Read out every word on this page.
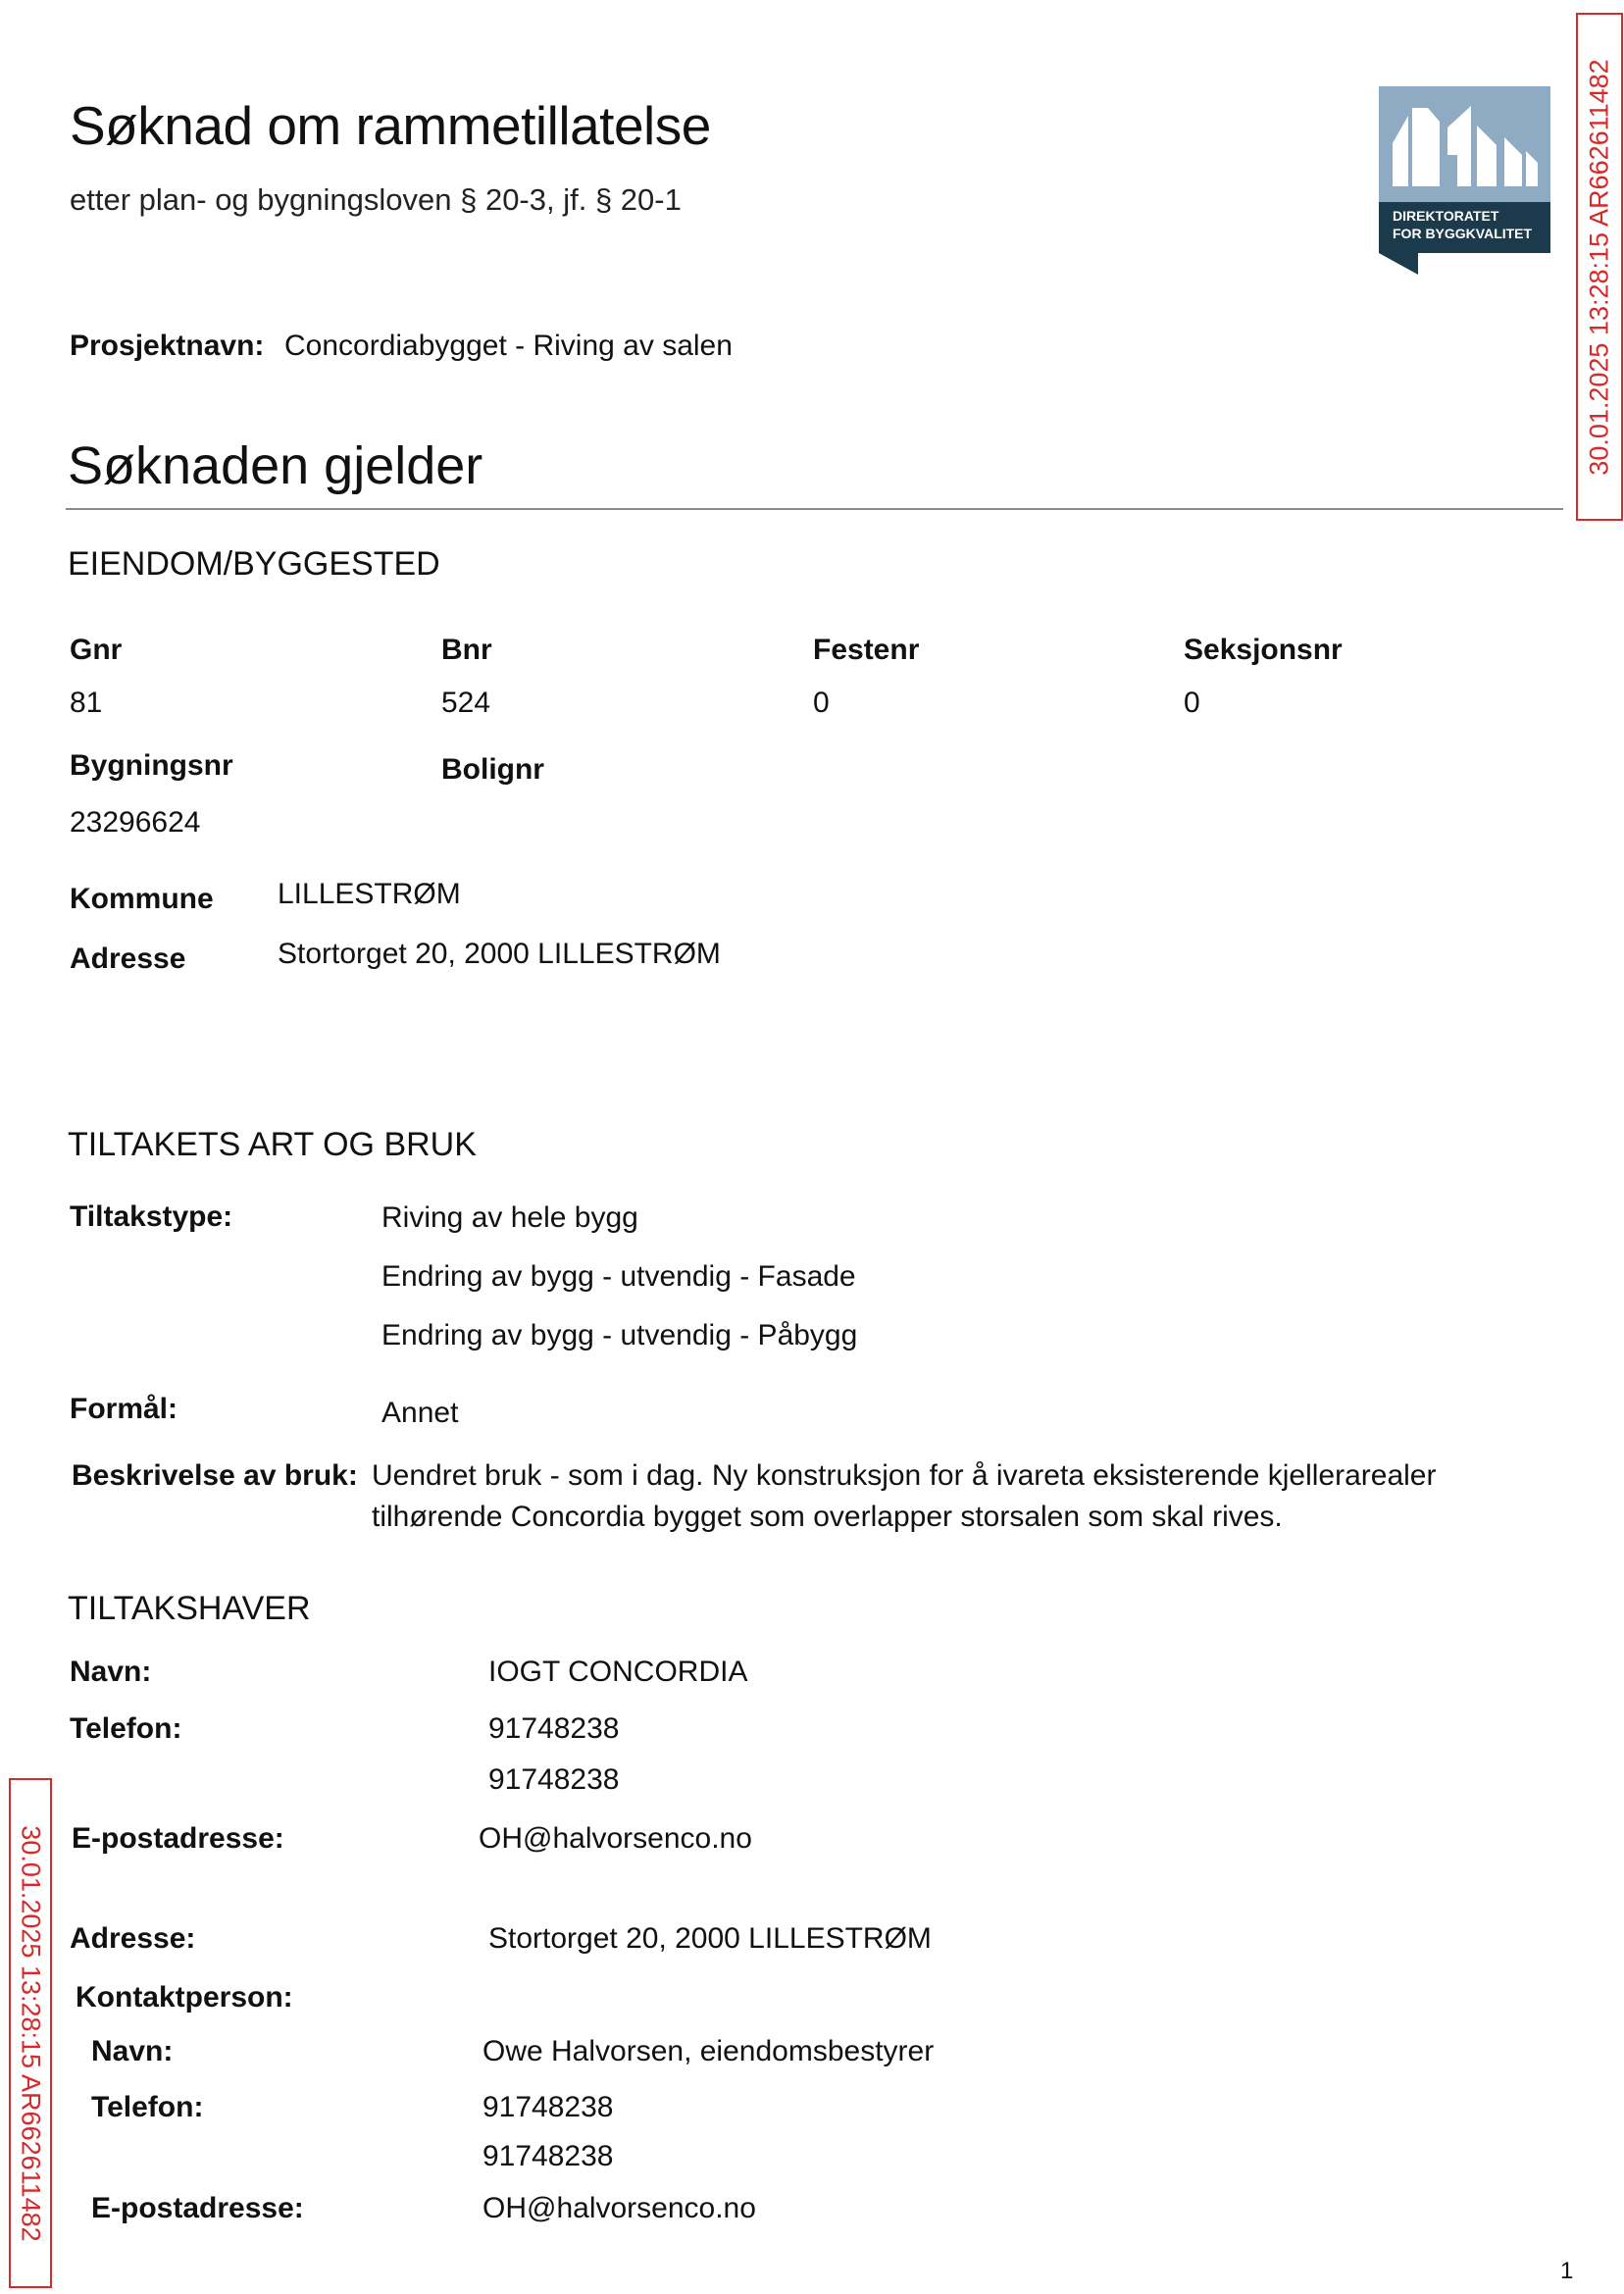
Søknad om rammetillatelse
etter plan- og bygningsloven § 20-3, jf. § 20-1	DIREKTORATET
FOR BYGGKVALITET 30.01.2025 13:28:15 AR662611482
30.01.2025 13:28:15 AR662611482
Prosjektnavn: Concordiabygget - Riving av salen
Søknaden gjelder
EIENDOM/BYGGESTED
Gnr	Bnr	Festenr	Seksjonsnr
81	524	0	0
Bygningsnr	Bolignr
23296624
Kommune LILLESTRØM
Adresse	Stortorget 20, 2000 LILLESTRØM
TILTAKETS ART OG BRUK
Tiltakstype:	Riving av hele bygg
Endring av bygg - utvendig - Fasade
Endring av bygg - utvendig - Påbygg
Formål:	Annet
Beskrivelse av bruk: Uendret bruk - som i dag. Ny konstruksjon for å ivareta eksisterende kjellerarealer
tilhørende Concordia bygget som overlapper storsalen som skal rives.
TILTAKSHAVER
Navn:	IOGT CONCORDIA
Telefon:	91748238
91748238
E-postadresse:	OH@halvorsenco.no
Adresse:	Stortorget 20, 2000 LILLESTRØM
Kontaktperson:
Navn:	Owe Halvorsen, eiendomsbestyrer
Telefon:	91748238
91748238
E-postadresse:	OH@halvorsenco.no
1
